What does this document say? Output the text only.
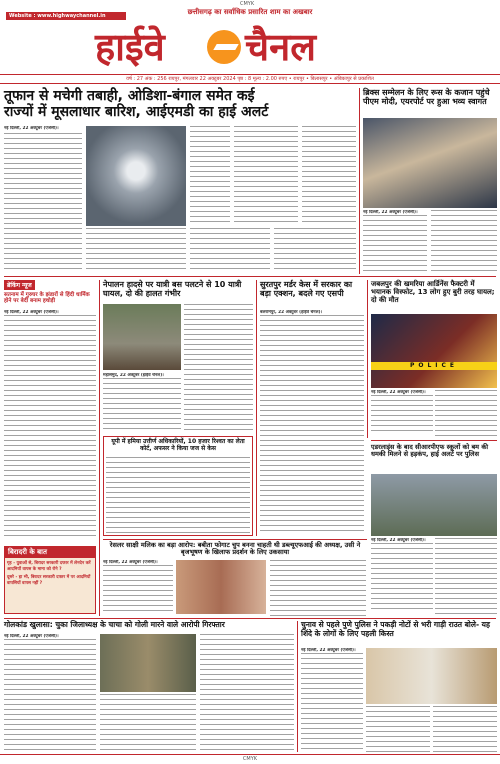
CMYK
Website : www.highwaychannel.in	छत्तीसगढ़ का सर्वाधिक प्रसारित शाम का अखबार
हाईवे चैनल
वर्ष : 27 अंक : 256 रायपुर, मंगलवार 22 अक्टूबर 2024 पृष्ठ : 8 मूल्य : 2.00 रुपए • रायपुर • बिलासपुर • अंबिकापुर से प्रकाशित
तूफान से मचेगी तबाही, ओडिशा-बंगाल समेत कई
राज्यों में मूसलाधार बारिश, आईएमडी का हाई अलर्ट
नई दिल्ली, 22 अक्टूबर (एजेंसी)।
ब्रिक्स सम्मेलन के लिए रूस के कजान पहुंचे पीएम मोदी, एयरपोर्ट पर हुआ भव्य स्वागत
नई दिल्ली, 22 अक्टूबर (एजेंसी)।
ब्रेकिंग न्यूज
सतनाम में गुरुघर के झंडारों से हिंदी धार्मिक होने पर बेदी बनाम हथोड़ी
नई दिल्ली, 22 अक्टूबर (एजेंसी)।
बिरादरी के बात
गृह - युवाओं से, बिरादर सरकारी दफ्तर में लेनदेन करें आदमियों वापस के मामा को रोने ?
दूसरे - हा भी, बिरादर सरकारी दफ्तर में पर आदमियों वापसियों वापस नहीं ?
नेपालन हादसे पर यात्री बस पलटने से 10 यात्री घायल, दो की हालत गंभीर
महासमुंद, 22 अक्टूबर (हाईवे चैनल)।
यूपी में हमिया उत्तीर्ण अधिकारियों, 10 हजार रिश्वत का लेता कोर्ट, अफसर ने किया जज से केस
सुरतपुर मर्डर केस में सरकार का बड़ा एक्शन, बदले गए एसपी
बलरामपुर, 22 अक्टूबर (हाईवे चैनल)।
जबलपुर की खमरिया आर्डिनेंस फैक्टरी में भयानक विस्फोट, 13 लोग हुए बुरी तरह घायल; दो की मौत
POLICE
नई दिल्ली, 22 अक्टूबर (एजेंसी)।
एडरलाइंस के बाद सीआरपीएफ स्कूलों को बम की धमकी मिलने से हड़कंप, हाई अलर्ट पर पुलिस
नई दिल्ली, 22 अक्टूबर (एजेंसी)।
रेसलर साक्षी मलिक का बड़ा आरोप: बबीता फोगाट चुप बनना चाहती थी डब्ल्यूएफआई की अध्यक्ष, उसी ने बृजभूषण के खिलाफ प्रदर्शन के लिए उकसाया
नई दिल्ली, 22 अक्टूबर (एजेंसी)।
गोलकांड खुलासा: चुका जिलाध्यक्ष के चाचा को गोली मारने वाले आरोपी गिरफ्तार
नई दिल्ली, 22 अक्टूबर (एजेंसी)।
चुनाव से पहले पुणे पुलिस ने पकड़ी नोटों से भरी गाड़ी राउत बोले- यह शिंदे के लोगों के लिए पहली किस्त
नई दिल्ली, 22 अक्टूबर (एजेंसी)।
CMYK
